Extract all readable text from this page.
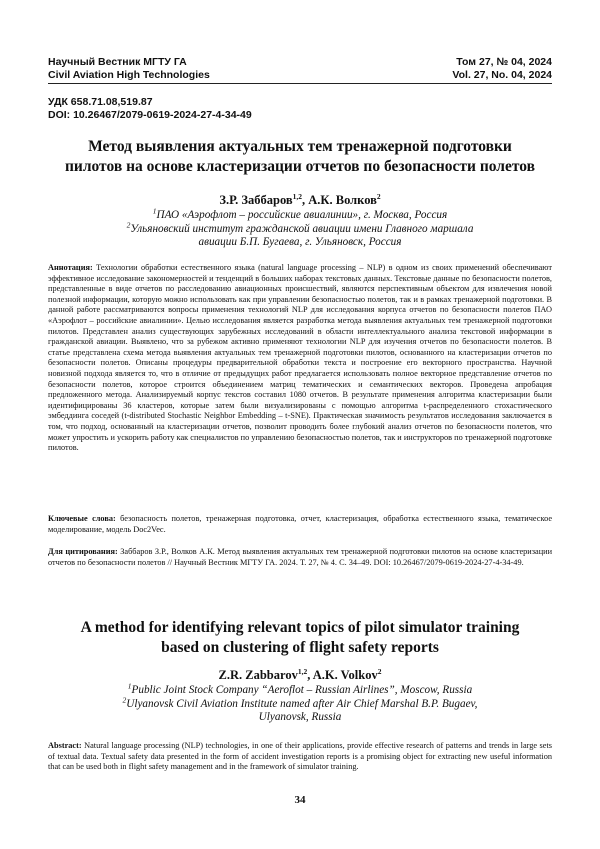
Научный Вестник МГТУ ГА	Том 27, № 04, 2024
Civil Aviation High Technologies	Vol. 27, No. 04, 2024
УДК 658.71.08,519.87
DOI: 10.26467/2079-0619-2024-27-4-34-49
Метод выявления актуальных тем тренажерной подготовки
пилотов на основе кластеризации отчетов по безопасности полетов
З.Р. Заббаров$^{1,2}$, А.К. Волков$^2$
$^1$ПАО «Аэрофлот – российские авиалинии», г. Москва, Россия
$^2$Ульяновский институт гражданской авиации имени Главного маршала
авиации Б.П. Бугаева, г. Ульяновск, Россия
Аннотация: Технологии обработки естественного языка (natural language processing – NLP) в одном из своих применений обеспечивают эффективное исследование закономерностей и тенденций в больших наборах текстовых данных. Текстовые данные по безопасности полетов, представленные в виде отчетов по расследованию авиационных происшествий, являются перспективным объектом для извлечения новой полезной информации, которую можно использовать как при управлении безопасностью полетов, так и в рамках тренажерной подготовки. В данной работе рассматриваются вопросы применения технологий NLP для исследования корпуса отчетов по безопасности полетов ПАО «Аэрофлот – российские авиалинии». Целью исследования является разработка метода выявления актуальных тем тренажерной подготовки пилотов. Представлен анализ существующих зарубежных исследований в области интеллектуального анализа текстовой информации в гражданской авиации. Выявлено, что за рубежом активно применяют технологии NLP для изучения отчетов по безопасности полетов. В статье представлена схема метода выявления актуальных тем тренажерной подготовки пилотов, основанного на кластеризации отчетов по безопасности полетов. Описаны процедуры предварительной обработки текста и построение его векторного пространства. Научной новизной подхода является то, что в отличие от предыдущих работ предлагается использовать полное векторное представление отчетов по безопасности полетов, которое строится объединением матриц тематических и семантических векторов. Проведена апробация предложенного метода. Анализируемый корпус текстов составил 1080 отчетов. В результате применения алгоритма кластеризации были идентифицированы 36 кластеров, которые затем были визуализированы с помощью алгоритма t-распределенного стохастического эмбеддинга соседей (t-distributed Stochastic Neighbor Embedding – t-SNE). Практическая значимость результатов исследования заключается в том, что подход, основанный на кластеризации отчетов, позволит проводить более глубокий анализ отчетов по безопасности полетов, что может упростить и ускорить работу как специалистов по управлению безопасностью полетов, так и инструкторов по тренажерной подготовке пилотов.
Ключевые слова: безопасность полетов, тренажерная подготовка, отчет, кластеризация, обработка естественного языка, тематическое моделирование, модель Doc2Vec.
Для цитирования: Заббаров З.Р., Волков А.К. Метод выявления актуальных тем тренажерной подготовки пилотов на основе кластеризации отчетов по безопасности полетов // Научный Вестник МГТУ ГА. 2024. Т. 27, № 4. С. 34–49. DOI: 10.26467/2079-0619-2024-27-4-34-49.
A method for identifying relevant topics of pilot simulator training
based on clustering of flight safety reports
Z.R. Zabbarov$^{1,2}$, A.K. Volkov$^2$
$^1$Public Joint Stock Company “Aeroflot – Russian Airlines”, Moscow, Russia
$^2$Ulyanovsk Civil Aviation Institute named after Air Chief Marshal B.P. Bugaev,
Ulyanovsk, Russia
Abstract: Natural language processing (NLP) technologies, in one of their applications, provide effective research of patterns and trends in large sets of textual data. Textual safety data presented in the form of accident investigation reports is a promising object for extracting new useful information that can be used both in flight safety management and in the framework of simulator training.
34
